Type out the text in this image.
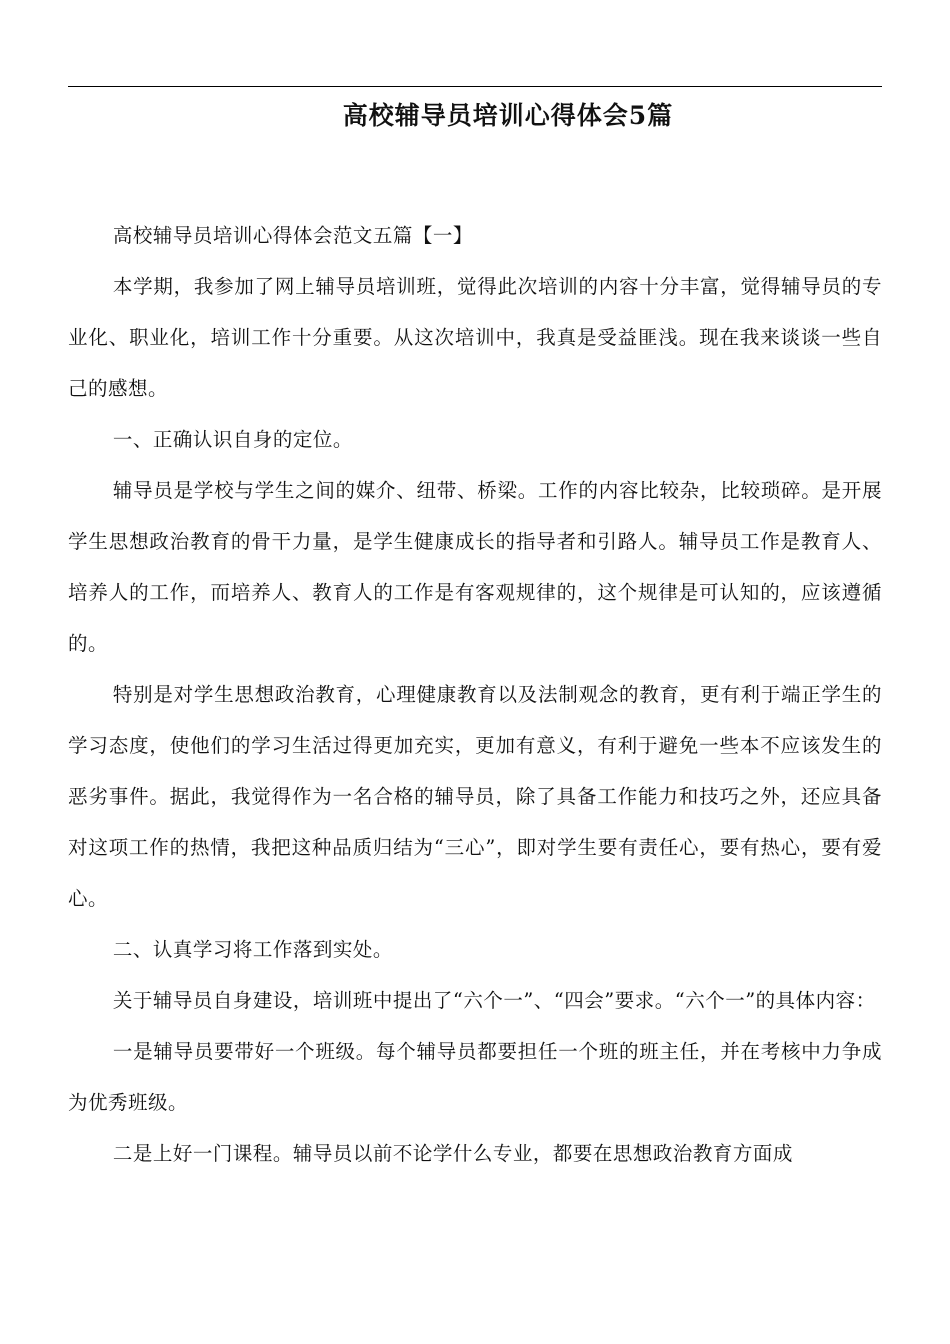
高校辅导员培训心得体会5篇

高校辅导员培训心得体会范文五篇【一】

本学期，我参加了网上辅导员培训班，觉得此次培训的内容十分丰富，觉得辅导员的专业化、职业化，培训工作十分重要。从这次培训中，我真是受益匪浅。现在我来谈谈一些自己的感想。

一、正确认识自身的定位。

辅导员是学校与学生之间的媒介、纽带、桥梁。工作的内容比较杂，比较琐碎。是开展学生思想政治教育的骨干力量，是学生健康成长的指导者和引路人。辅导员工作是教育人、培养人的工作，而培养人、教育人的工作是有客观规律的，这个规律是可认知的，应该遵循的。

特别是对学生思想政治教育，心理健康教育以及法制观念的教育，更有利于端正学生的学习态度，使他们的学习生活过得更加充实，更加有意义，有利于避免一些本不应该发生的恶劣事件。据此，我觉得作为一名合格的辅导员，除了具备工作能力和技巧之外，还应具备对这项工作的热情，我把这种品质归结为“三心”，即对学生要有责任心，要有热心，要有爱心。

二、认真学习将工作落到实处。

关于辅导员自身建设，培训班中提出了“六个一”、“四会”要求。“六个一”的具体内容：

一是辅导员要带好一个班级。每个辅导员都要担任一个班的班主任，并在考核中力争成为优秀班级。

二是上好一门课程。辅导员以前不论学什么专业，都要在思想政治教育方面成
